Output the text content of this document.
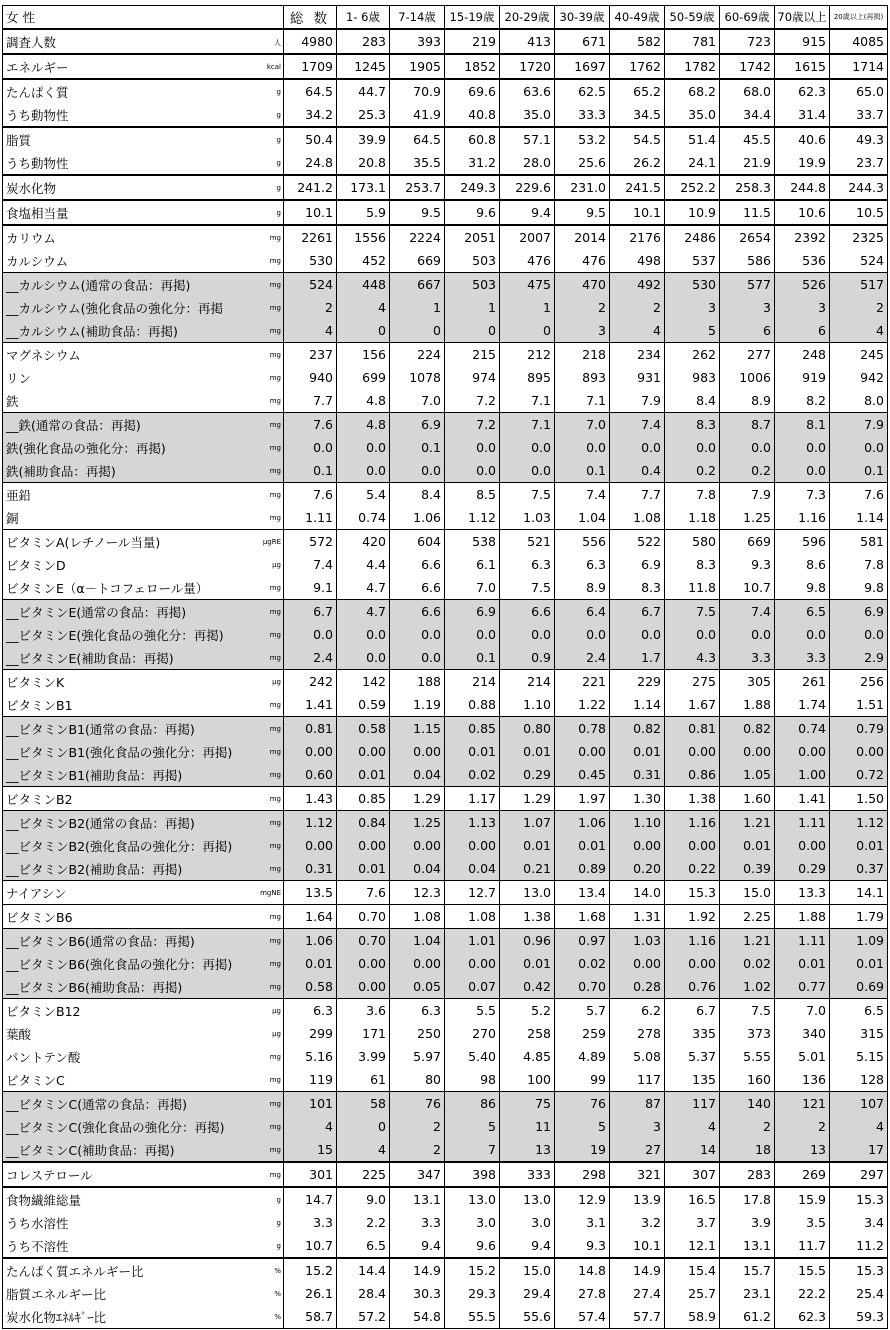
女 性	総 数	1- 6歳	7-14歳	15-19歳	20-29歳	30-39歳	40-49歳	50-59歳	60-69歳	70歳以上	20歳以上(再掲)
調査人数 人	4980	283	393	219	413	671	582	781	723	915	4085
エネルギー kcal	1709	1245	1905	1852	1720	1697	1762	1782	1742	1615	1714
たんぱく質 g	64.5	44.7	70.9	69.6	63.6	62.5	65.2	68.2	68.0	62.3	65.0
うち動物性 g	34.2	25.3	41.9	40.8	35.0	33.3	34.5	35.0	34.4	31.4	33.7
脂質 g	50.4	39.9	64.5	60.8	57.1	53.2	54.5	51.4	45.5	40.6	49.3
うち動物性 g	24.8	20.8	35.5	31.2	28.0	25.6	26.2	24.1	21.9	19.9	23.7
炭水化物 g	241.2	173.1	253.7	249.3	229.6	231.0	241.5	252.2	258.3	244.8	244.3
食塩相当量 g	10.1	5.9	9.5	9.6	9.4	9.5	10.1	10.9	11.5	10.6	10.5
カリウム mg	2261	1556	2224	2051	2007	2014	2176	2486	2654	2392	2325
カルシウム mg	530	452	669	503	476	476	498	537	586	536	524
__カルシウム(通常の食品：再掲) mg	524	448	667	503	475	470	492	530	577	526	517
__カルシウム(強化食品の強化分：再掲 mg	2	4	1	1	1	2	2	3	3	3	2
__カルシウム(補助食品：再掲) mg	4	0	0	0	0	3	4	5	6	6	4
マグネシウム mg	237	156	224	215	212	218	234	262	277	248	245
リン mg	940	699	1078	974	895	893	931	983	1006	919	942
鉄 mg	7.7	4.8	7.0	7.2	7.1	7.1	7.9	8.4	8.9	8.2	8.0
__鉄(通常の食品：再掲) mg	7.6	4.8	6.9	7.2	7.1	7.0	7.4	8.3	8.7	8.1	7.9
鉄(強化食品の強化分：再掲) mg	0.0	0.0	0.1	0.0	0.0	0.0	0.0	0.0	0.0	0.0	0.0
鉄(補助食品：再掲) mg	0.1	0.0	0.0	0.0	0.0	0.1	0.4	0.2	0.2	0.0	0.1
亜鉛 mg	7.6	5.4	8.4	8.5	7.5	7.4	7.7	7.8	7.9	7.3	7.6
銅 mg	1.11	0.74	1.06	1.12	1.03	1.04	1.08	1.18	1.25	1.16	1.14
ビタミンA(レチノール当量) μgRE	572	420	604	538	521	556	522	580	669	596	581
ビタミンD μg	7.4	4.4	6.6	6.1	6.3	6.3	6.9	8.3	9.3	8.6	7.8
ビタミンE（α－トコフェロール量） mg	9.1	4.7	6.6	7.0	7.5	8.9	8.3	11.8	10.7	9.8	9.8
__ビタミンE(通常の食品：再掲) mg	6.7	4.7	6.6	6.9	6.6	6.4	6.7	7.5	7.4	6.5	6.9
__ビタミンE(強化食品の強化分：再掲) mg	0.0	0.0	0.0	0.0	0.0	0.0	0.0	0.0	0.0	0.0	0.0
__ビタミンE(補助食品：再掲) mg	2.4	0.0	0.0	0.1	0.9	2.4	1.7	4.3	3.3	3.3	2.9
ビタミンK μg	242	142	188	214	214	221	229	275	305	261	256
ビタミンB1 mg	1.41	0.59	1.19	0.88	1.10	1.22	1.14	1.67	1.88	1.74	1.51
__ビタミンB1(通常の食品：再掲) mg	0.81	0.58	1.15	0.85	0.80	0.78	0.82	0.81	0.82	0.74	0.79
__ビタミンB1(強化食品の強化分：再掲) mg	0.00	0.00	0.00	0.01	0.01	0.00	0.01	0.00	0.00	0.00	0.00
__ビタミンB1(補助食品：再掲) mg	0.60	0.01	0.04	0.02	0.29	0.45	0.31	0.86	1.05	1.00	0.72
ビタミンB2 mg	1.43	0.85	1.29	1.17	1.29	1.97	1.30	1.38	1.60	1.41	1.50
__ビタミンB2(通常の食品：再掲) mg	1.12	0.84	1.25	1.13	1.07	1.06	1.10	1.16	1.21	1.11	1.12
__ビタミンB2(強化食品の強化分：再掲) mg	0.00	0.00	0.00	0.00	0.01	0.01	0.00	0.00	0.01	0.00	0.01
__ビタミンB2(補助食品：再掲) mg	0.31	0.01	0.04	0.04	0.21	0.89	0.20	0.22	0.39	0.29	0.37
ナイアシン mgNE	13.5	7.6	12.3	12.7	13.0	13.4	14.0	15.3	15.0	13.3	14.1
ビタミンB6 mg	1.64	0.70	1.08	1.08	1.38	1.68	1.31	1.92	2.25	1.88	1.79
__ビタミンB6(通常の食品：再掲) mg	1.06	0.70	1.04	1.01	0.96	0.97	1.03	1.16	1.21	1.11	1.09
__ビタミンB6(強化食品の強化分：再掲) mg	0.01	0.00	0.00	0.00	0.01	0.02	0.00	0.00	0.02	0.01	0.01
__ビタミンB6(補助食品：再掲) mg	0.58	0.00	0.05	0.07	0.42	0.70	0.28	0.76	1.02	0.77	0.69
ビタミンB12 μg	6.3	3.6	6.3	5.5	5.2	5.7	6.2	6.7	7.5	7.0	6.5
葉酸 μg	299	171	250	270	258	259	278	335	373	340	315
パントテン酸 mg	5.16	3.99	5.97	5.40	4.85	4.89	5.08	5.37	5.55	5.01	5.15
ビタミンC mg	119	61	80	98	100	99	117	135	160	136	128
__ビタミンC(通常の食品：再掲) mg	101	58	76	86	75	76	87	117	140	121	107
__ビタミンC(強化食品の強化分：再掲) mg	4	0	2	5	11	5	3	4	2	2	4
__ビタミンC(補助食品：再掲) mg	15	4	2	7	13	19	27	14	18	13	17
コレステロール mg	301	225	347	398	333	298	321	307	283	269	297
食物繊維総量 g	14.7	9.0	13.1	13.0	13.0	12.9	13.9	16.5	17.8	15.9	15.3
うち水溶性 g	3.3	2.2	3.3	3.0	3.0	3.1	3.2	3.7	3.9	3.5	3.4
うち不溶性 g	10.7	6.5	9.4	9.6	9.4	9.3	10.1	12.1	13.1	11.7	11.2
たんぱく質エネルギー比 %	15.2	14.4	14.9	15.2	15.0	14.8	14.9	15.4	15.7	15.5	15.3
脂質エネルギー比 %	26.1	28.4	30.3	29.3	29.4	27.8	27.4	25.7	23.1	22.2	25.4
炭水化物ｴﾈﾙｷﾞｰ比 %	58.7	57.2	54.8	55.5	55.6	57.4	57.7	58.9	61.2	62.3	59.3
